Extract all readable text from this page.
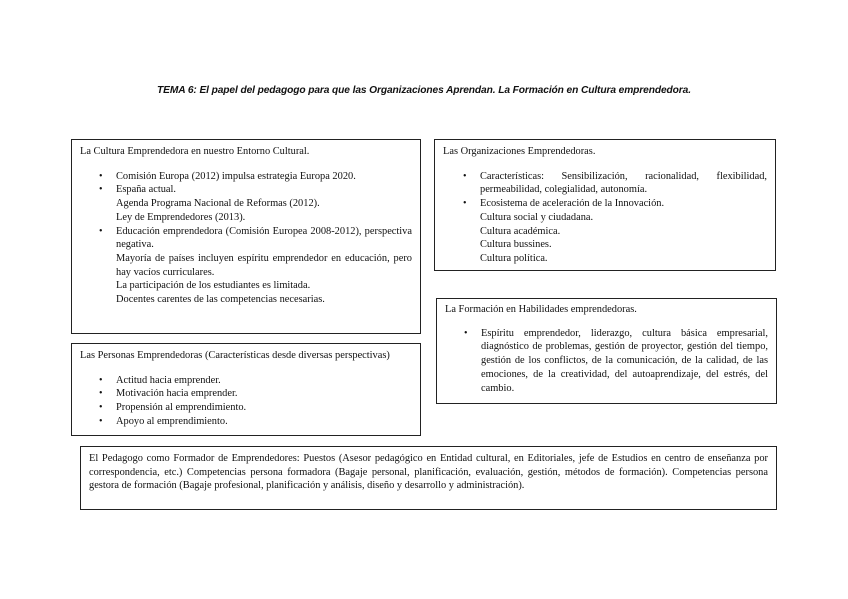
TEMA 6: El papel del pedagogo para que las Organizaciones Aprendan. La Formación en Cultura emprendedora.
La Cultura Emprendedora en nuestro Entorno Cultural.
• Comisión Europa (2012) impulsa estrategia Europa 2020.
• España actual.
Agenda Programa Nacional de Reformas (2012).
Ley de Emprendedores (2013).
• Educación emprendedora (Comisión Europea 2008-2012), perspectiva negativa.
Mayoría de países incluyen espíritu emprendedor en educación, pero hay vacíos curriculares.
La participación de los estudiantes es limitada.
Docentes carentes de las competencias necesarias.
Las Organizaciones Emprendedoras.
• Características: Sensibilización, racionalidad, flexibilidad, permeabilidad, colegialidad, autonomía.
• Ecosistema de aceleración de la Innovación.
Cultura social y ciudadana.
Cultura académica.
Cultura bussines.
Cultura política.
Las Personas Emprendedoras (Características desde diversas perspectivas)
• Actitud hacia emprender.
• Motivación hacia emprender.
• Propensión al emprendimiento.
• Apoyo al emprendimiento.
La Formación en Habilidades emprendedoras.
• Espíritu emprendedor, liderazgo, cultura básica empresarial, diagnóstico de problemas, gestión de proyector, gestión del tiempo, gestión de los conflictos, de la comunicación, de la calidad, de las emociones, de la creatividad, del autoaprendizaje, del estrés, del cambio.

El Pedagogo como Formador de Emprendedores: Puestos (Asesor pedagógico en Entidad cultural, en Editoriales, jefe de Estudios en centro de enseñanza por correspondencia, etc.) Competencias persona formadora (Bagaje personal, planificación, evaluación, gestión, métodos de formación). Competencias persona gestora de formación (Bagaje profesional, planificación y análisis, diseño y desarrollo y administración).
